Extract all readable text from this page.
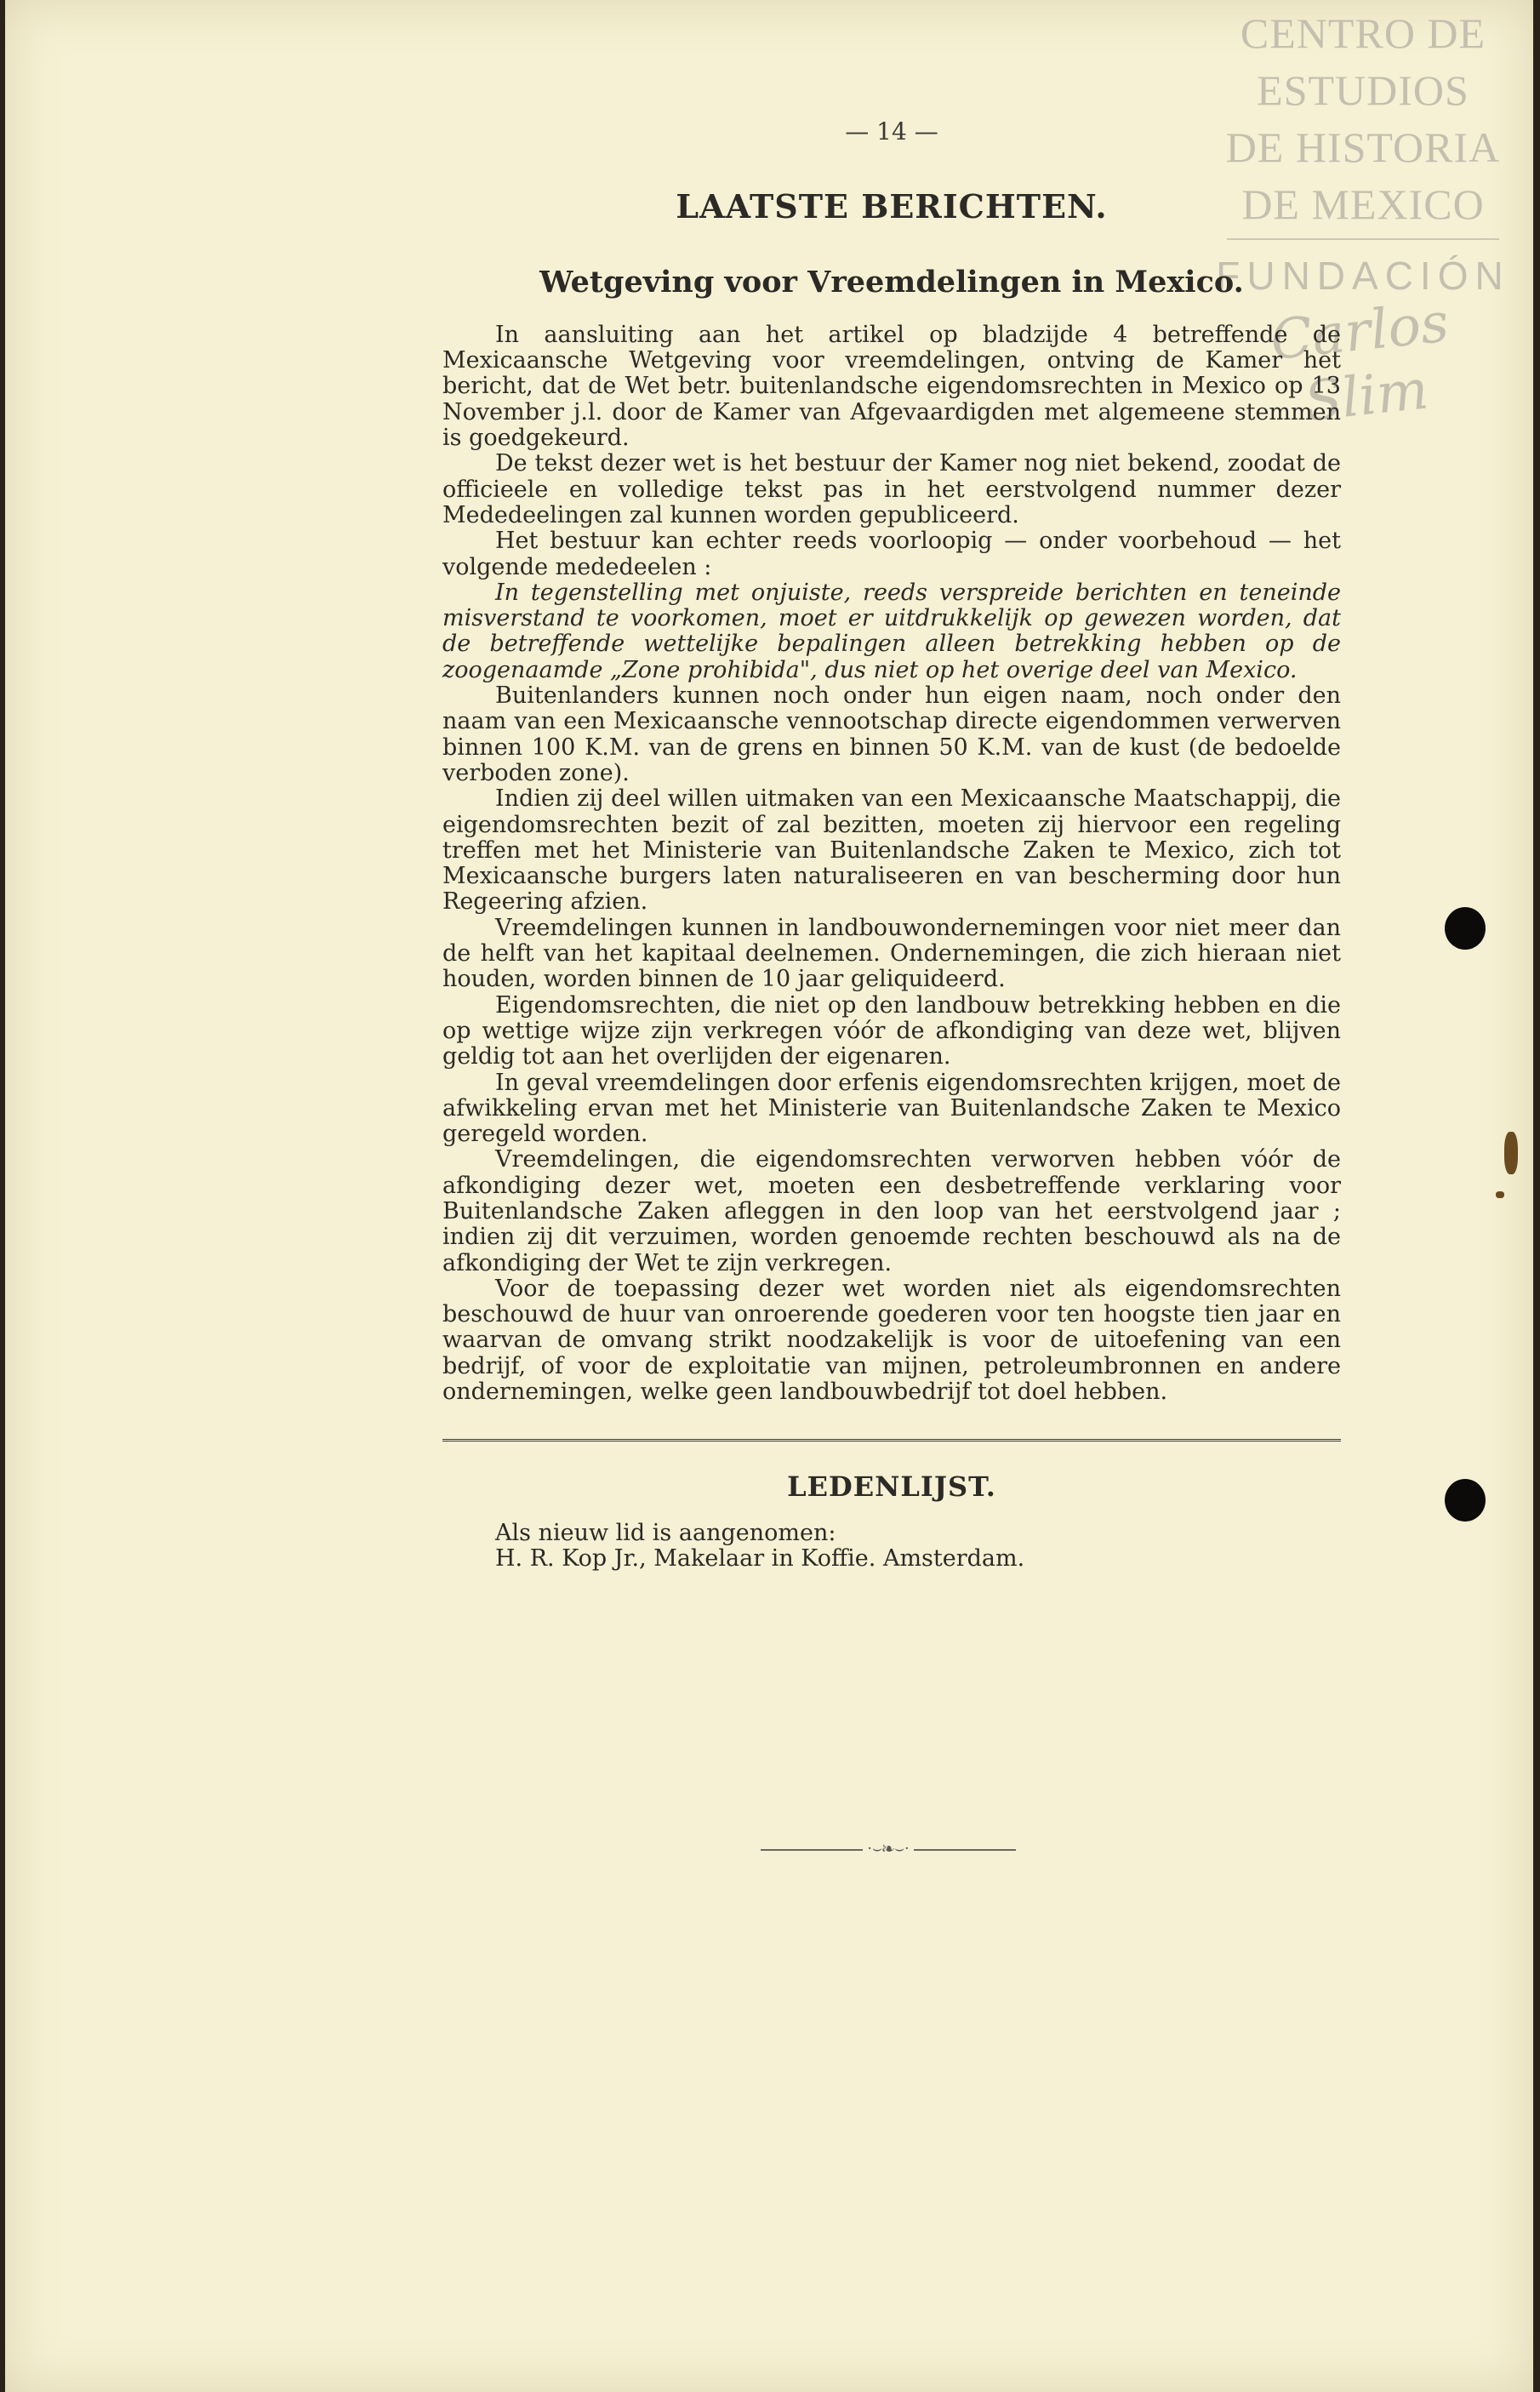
CENTRO DE
ESTUDIOS
DE HISTORIA
DE MEXICO
FUNDACIÓN
Carlos Slim
— 14 —
LAATSTE BERICHTEN.
Wetgeving voor Vreemdelingen in Mexico.

In aansluiting aan het artikel op bladzijde 4 betreffende de Mexicaansche Wetgeving voor vreemdelingen, ontving de Kamer het bericht, dat de Wet betr. buitenlandsche eigendomsrechten in Mexico op 13 November j.l. door de Kamer van Afgevaardigden met algemeene stemmen is goedgekeurd.

De tekst dezer wet is het bestuur der Kamer nog niet bekend, zoodat de officieele en volledige tekst pas in het eerstvolgend nummer dezer Mededeelingen zal kunnen worden gepubliceerd.

Het bestuur kan echter reeds voorloopig — onder voorbehoud — het volgende mededeelen :

In tegenstelling met onjuiste, reeds verspreide berichten en teneinde misverstand te voorkomen, moet er uitdrukkelijk op gewezen worden, dat de betreffende wettelijke bepalingen alleen betrekking hebben op de zoogenaamde „Zone prohibida", dus niet op het overige deel van Mexico.

Buitenlanders kunnen noch onder hun eigen naam, noch onder den naam van een Mexicaansche vennootschap directe eigendommen verwerven binnen 100 K.M. van de grens en binnen 50 K.M. van de kust (de bedoelde verboden zone).

Indien zij deel willen uitmaken van een Mexicaansche Maatschappij, die eigendomsrechten bezit of zal bezitten, moeten zij hiervoor een regeling treffen met het Ministerie van Buitenlandsche Zaken te Mexico, zich tot Mexicaansche burgers laten naturaliseeren en van bescherming door hun Regeering afzien.

Vreemdelingen kunnen in landbouwondernemingen voor niet meer dan de helft van het kapitaal deelnemen. Ondernemingen, die zich hieraan niet houden, worden binnen de 10 jaar geliquideerd.

Eigendomsrechten, die niet op den landbouw betrekking hebben en die op wettige wijze zijn verkregen vóór de afkondiging van deze wet, blijven geldig tot aan het overlijden der eigenaren.

In geval vreemdelingen door erfenis eigendomsrechten krijgen, moet de afwikkeling ervan met het Ministerie van Buitenlandsche Zaken te Mexico geregeld worden.

Vreemdelingen, die eigendomsrechten verworven hebben vóór de afkondiging dezer wet, moeten een desbetreffende verklaring voor Buitenlandsche Zaken afleggen in den loop van het eerstvolgend jaar ; indien zij dit verzuimen, worden genoemde rechten beschouwd als na de afkondiging der Wet te zijn verkregen.

Voor de toepassing dezer wet worden niet als eigendomsrechten beschouwd de huur van onroerende goederen voor ten hoogste tien jaar en waarvan de omvang strikt noodzakelijk is voor de uitoefening van een bedrijf, of voor de exploitatie van mijnen, petroleumbronnen en andere ondernemingen, welke geen landbouwbedrijf tot doel hebben.

LEDENLIJST.
Als nieuw lid is aangenomen:
H. R. Kop Jr., Makelaar in Koffie. Amsterdam.
·⌣❧⌣·
